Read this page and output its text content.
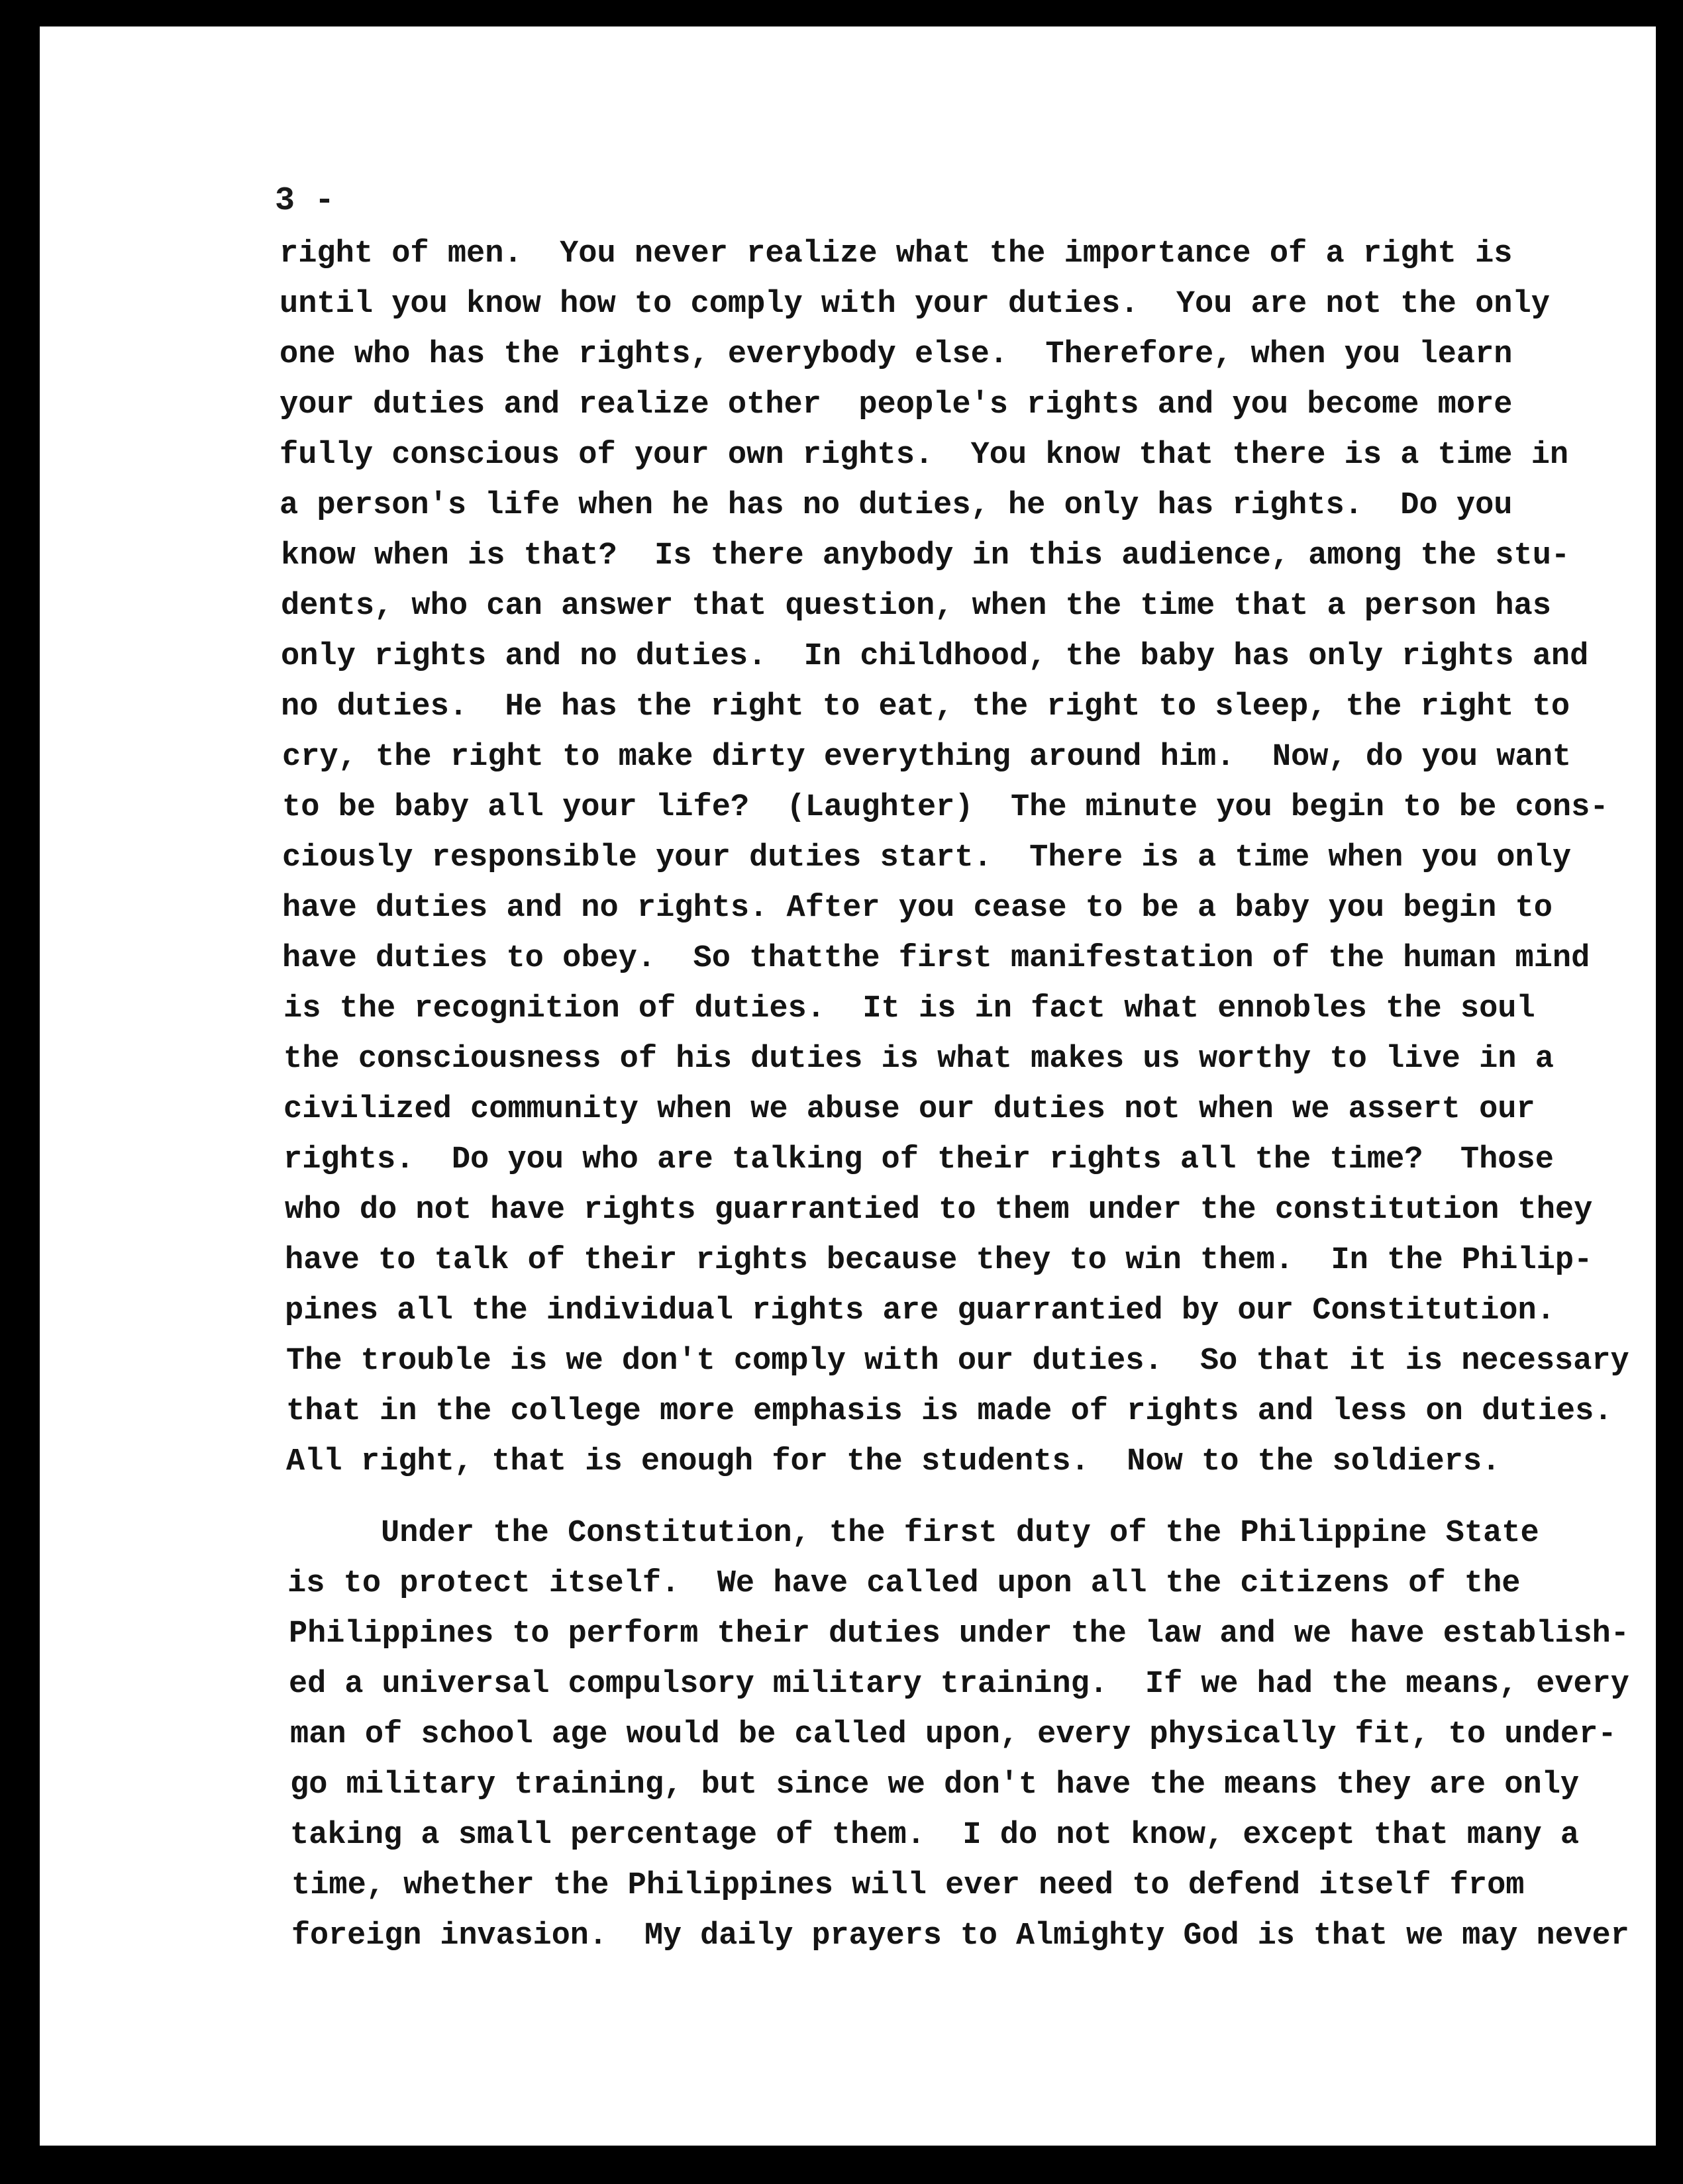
3 -
right of men.  You never realize what the importance of a right is
until you know how to comply with your duties.  You are not the only
one who has the rights, everybody else.  Therefore, when you learn
your duties and realize other  people's rights and you become more
fully conscious of your own rights.  You know that there is a time in
a person's life when he has no duties, he only has rights.  Do you
know when is that?  Is there anybody in this audience, among the stu-
dents, who can answer that question, when the time that a person has
only rights and no duties.  In childhood, the baby has only rights and
no duties.  He has the right to eat, the right to sleep, the right to
cry, the right to make dirty everything around him.  Now, do you want
to be baby all your life?  (Laughter)  The minute you begin to be cons-
ciously responsible your duties start.  There is a time when you only
have duties and no rights. After you cease to be a baby you begin to
have duties to obey.  So thatthe first manifestation of the human mind
is the recognition of duties.  It is in fact what ennobles the soul
the consciousness of his duties is what makes us worthy to live in a
civilized community when we abuse our duties not when we assert our
rights.  Do you who are talking of their rights all the time?  Those
who do not have rights guarrantied to them under the constitution they
have to talk of their rights because they to win them.  In the Philip-
pines all the individual rights are guarrantied by our Constitution.
The trouble is we don't comply with our duties.  So that it is necessary
that in the college more emphasis is made of rights and less on duties.
All right, that is enough for the students.  Now to the soldiers.
Under the Constitution, the first duty of the Philippine State
is to protect itself.  We have called upon all the citizens of the
Philippines to perform their duties under the law and we have establish-
ed a universal compulsory military training.  If we had the means, every
man of school age would be called upon, every physically fit, to under-
go military training, but since we don't have the means they are only
taking a small percentage of them.  I do not know, except that many a
time, whether the Philippines will ever need to defend itself from
foreign invasion.  My daily prayers to Almighty God is that we may never
